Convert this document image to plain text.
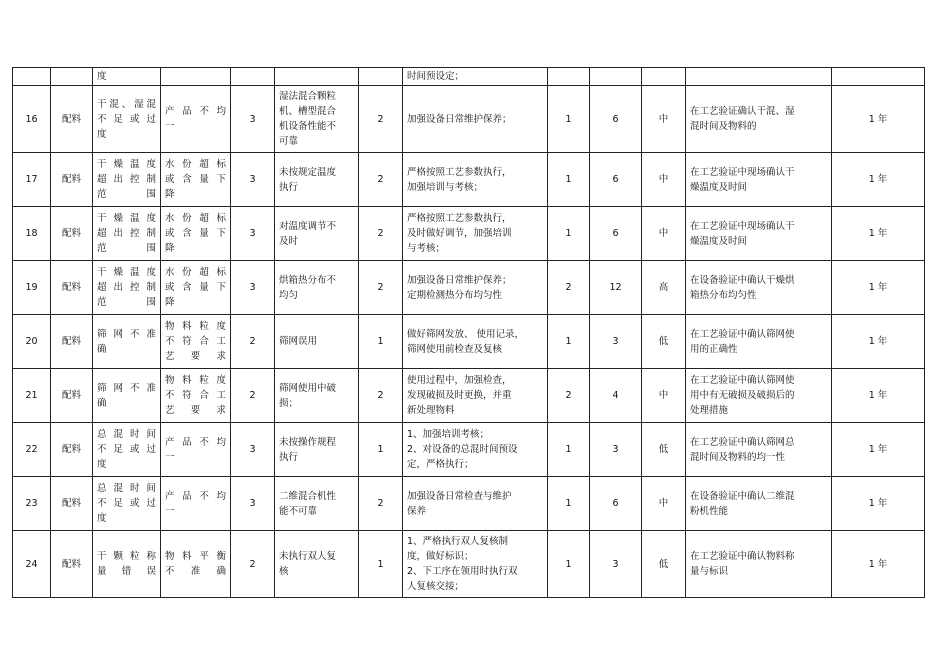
		度					时间预设定；					

16	配料	干混、湿混
不足或过
度	产品不均
一	3	湿法混合颗粒
机、槽型混合
机设备性能不
可靠	2	加强设备日常维护保养；	1	6	中	在工艺验证确认干混、湿
混时间及物料的	1 年

17	配料	干燥温度
超出控制
范围	水份超标
或含量下
降	3	未按规定温度
执行	2	严格按照工艺参数执行，
加强培训与考核；	1	6	中	在工艺验证中现场确认干
燥温度及时间	1 年

18	配料	干燥温度
超出控制
范围	水份超标
或含量下
降	3	对温度调节不
及时	2	严格按照工艺参数执行，
及时做好调节，加强培训
与考核；	1	6	中	在工艺验证中现场确认干
燥温度及时间	1 年

19	配料	干燥温度
超出控制
范围	水份超标
或含量下
降	3	烘箱热分布不
均匀	2	加强设备日常维护保养；
定期检测热分布均匀性	2	12	高	在设备验证中确认干燥烘
箱热分布均匀性	1 年

20	配料	筛网不准
确	物料粒度
不符合工
艺要求	2	筛网误用	1	做好筛网发放、 使用记录，
筛网使用前检查及复核	1	3	低	在工艺验证中确认筛网使
用的正确性	1 年

21	配料	筛网不准
确	物料粒度
不符合工
艺要求	2	筛网使用中破
损；	2	使用过程中，加强检查，
发现破损及时更换，并重
新处理物料	2	4	中	在工艺验证中确认筛网使
用中有无破损及破损后的
处理措施	1 年

22	配料	总混时间
不足或过
度	产品不均
一	3	未按操作规程
执行	1	1、加强培训考核；
2、对设备的总混时间预设
定，严格执行；	1	3	低	在工艺验证中确认筛网总
混时间及物料的均一性	1 年

23	配料	总混时间
不足或过
度	产品不均
一	3	二维混合机性
能不可靠	2	加强设备日常检查与维护
保养	1	6	中	在设备验证中确认二维混
粉机性能	1 年

24	配料	干颗粒称
量错误	物料平衡
不准确	2	未执行双人复
核	1	1、严格执行双人复核制
度，做好标识；
2、下工序在领用时执行双
人复核交接；	1	3	低	在工艺验证中确认物料称
量与标识	1 年
